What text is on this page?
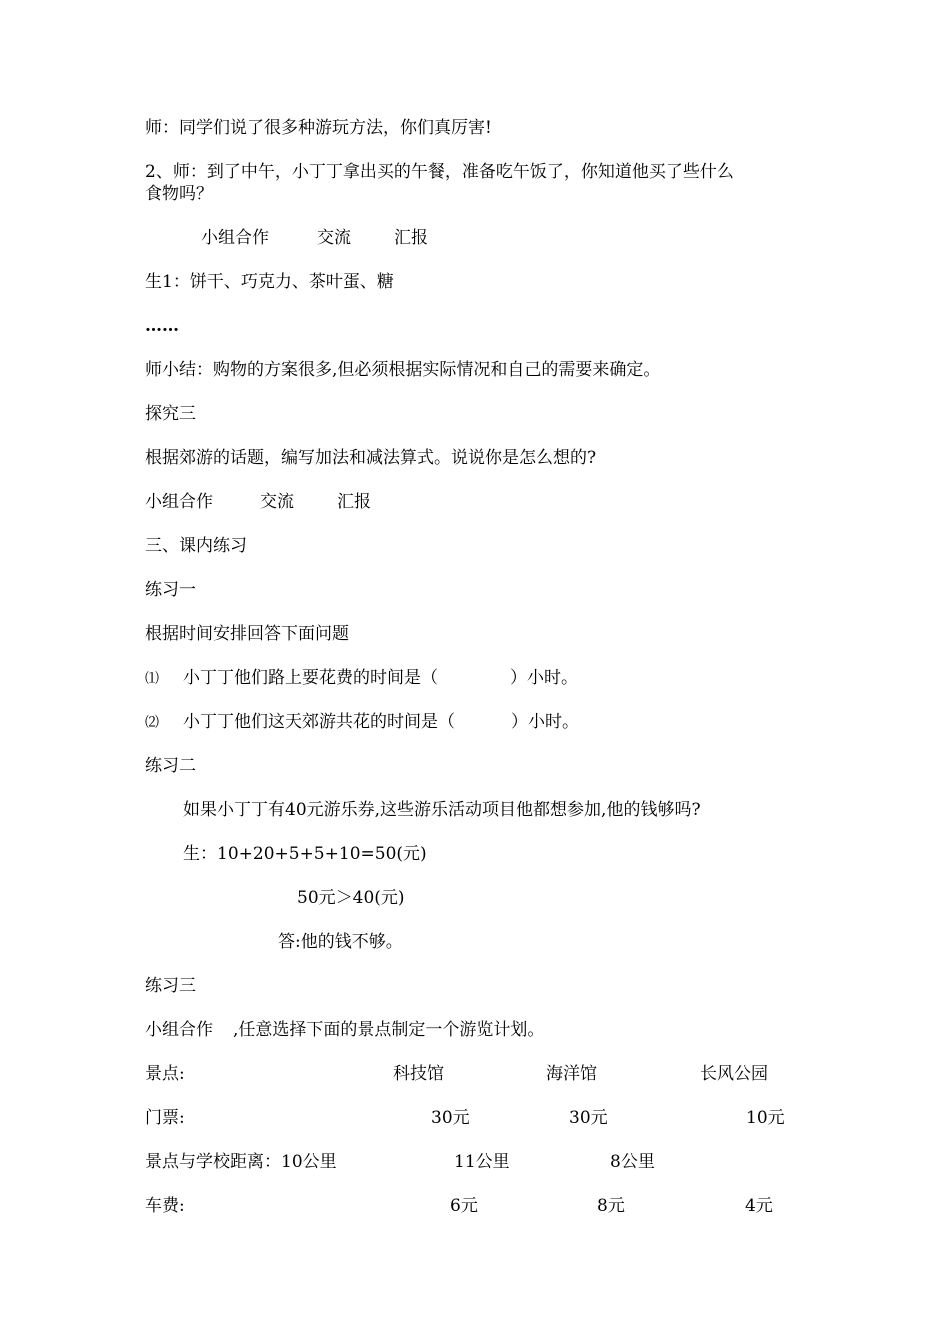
师：同学们说了很多种游玩方法，你们真厉害!
2、师：到了中午，小丁丁拿出买的午餐，准备吃午饭了，你知道他买了些什么
食物吗？
小组合作	交流	汇报
生1：饼干、巧克力、茶叶蛋、糖
……
师小结：购物的方案很多,但必须根据实际情况和自己的需要来确定。
探究三
根据郊游的话题，编写加法和减法算式。说说你是怎么想的?
小组合作	交流	汇报
三、课内练习
练习一
根据时间安排回答下面问题
⑴ 小丁丁他们路上要花费的时间是（	）小时。
⑵ 小丁丁他们这天郊游共花的时间是（	）小时。
练习二
如果小丁丁有40元游乐券,这些游乐活动项目他都想参加,他的钱够吗?
生：10+20+5+5+10=50(元)
50元＞40(元)
答:他的钱不够。
练习三
小组合作 ,任意选择下面的景点制定一个游览计划。
景点:	科技馆	海洋馆	长风公园
门票:	30元	30元	10元
景点与学校距离：10公里	11公里	8公里
车费:	6元	8元	4元
